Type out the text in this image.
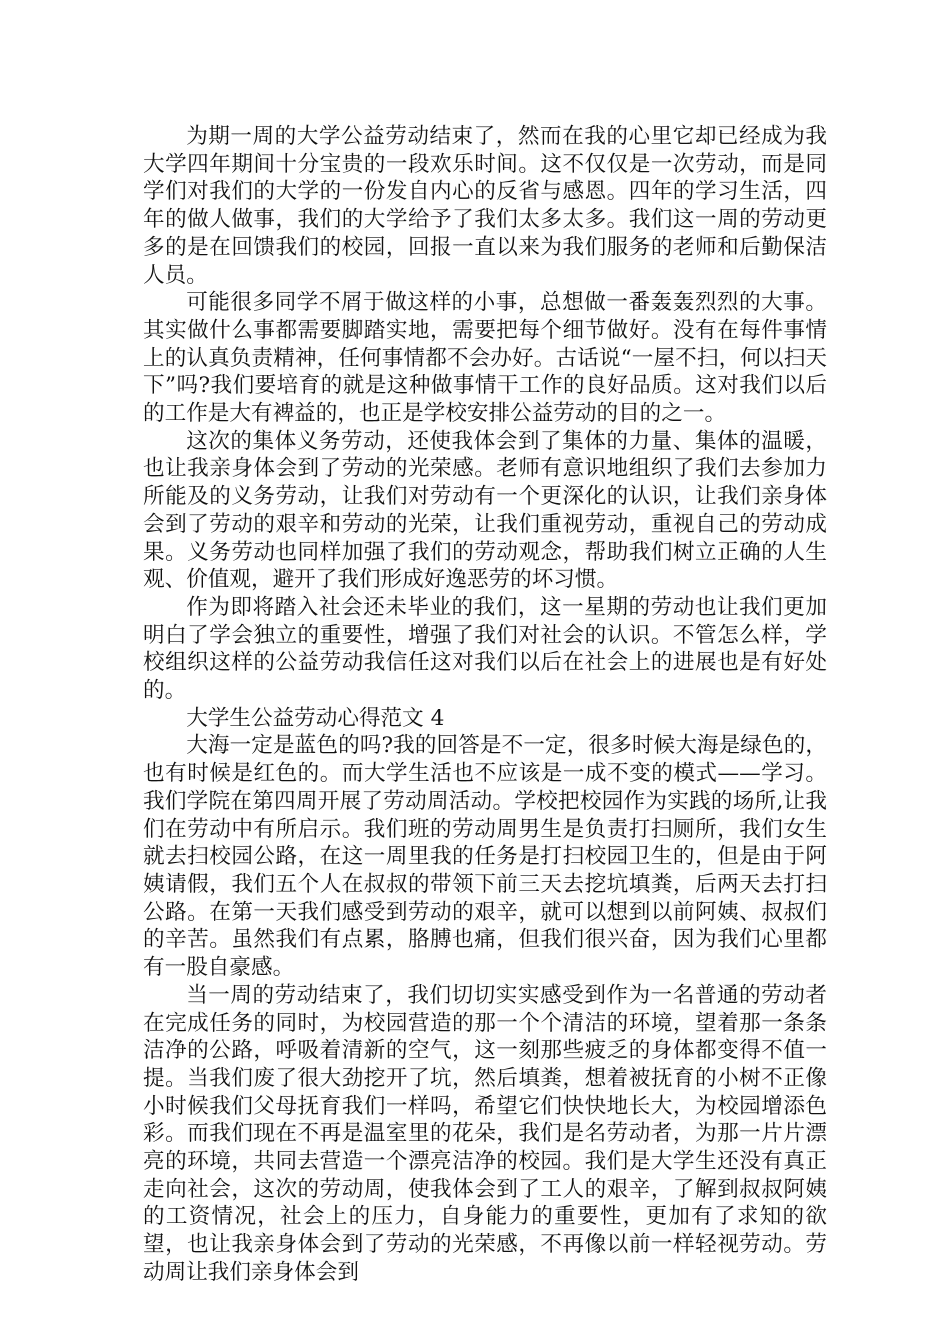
为期一周的大学公益劳动结束了，然而在我的心里它却已经成为我大学四年期间十分宝贵的一段欢乐时间。这不仅仅是一次劳动，而是同学们对我们的大学的一份发自内心的反省与感恩。四年的学习生活，四年的做人做事，我们的大学给予了我们太多太多。我们这一周的劳动更多的是在回馈我们的校园，回报一直以来为我们服务的老师和后勤保洁人员。

可能很多同学不屑于做这样的小事，总想做一番轰轰烈烈的大事。其实做什么事都需要脚踏实地，需要把每个细节做好。没有在每件事情上的认真负责精神，任何事情都不会办好。古话说“一屋不扫，何以扫天下”吗?我们要培育的就是这种做事情干工作的良好品质。这对我们以后的工作是大有裨益的，也正是学校安排公益劳动的目的之一。

这次的集体义务劳动，还使我体会到了集体的力量、集体的温暖，也让我亲身体会到了劳动的光荣感。老师有意识地组织了我们去参加力所能及的义务劳动，让我们对劳动有一个更深化的认识，让我们亲身体会到了劳动的艰辛和劳动的光荣，让我们重视劳动，重视自己的劳动成果。义务劳动也同样加强了我们的劳动观念，帮助我们树立正确的人生观、价值观，避开了我们形成好逸恶劳的坏习惯。

作为即将踏入社会还未毕业的我们，这一星期的劳动也让我们更加明白了学会独立的重要性，增强了我们对社会的认识。不管怎么样，学校组织这样的公益劳动我信任这对我们以后在社会上的进展也是有好处的。

大学生公益劳动心得范文 4

大海一定是蓝色的吗?我的回答是不一定，很多时候大海是绿色的，也有时候是红色的。而大学生活也不应该是一成不变的模式——学习。我们学院在第四周开展了劳动周活动。学校把校园作为实践的场所,让我们在劳动中有所启示。我们班的劳动周男生是负责打扫厕所，我们女生就去扫校园公路，在这一周里我的任务是打扫校园卫生的，但是由于阿姨请假，我们五个人在叔叔的带领下前三天去挖坑填粪，后两天去打扫公路。在第一天我们感受到劳动的艰辛，就可以想到以前阿姨、叔叔们的辛苦。虽然我们有点累，胳膊也痛，但我们很兴奋，因为我们心里都有一股自豪感。

当一周的劳动结束了，我们切切实实感受到作为一名普通的劳动者在完成任务的同时，为校园营造的那一个个清洁的环境，望着那一条条洁净的公路，呼吸着清新的空气，这一刻那些疲乏的身体都变得不值一提。当我们废了很大劲挖开了坑，然后填粪，想着被抚育的小树不正像小时候我们父母抚育我们一样吗，希望它们快快地长大，为校园增添色彩。而我们现在不再是温室里的花朵，我们是名劳动者，为那一片片漂亮的环境，共同去营造一个漂亮洁净的校园。我们是大学生还没有真正走向社会，这次的劳动周，使我体会到了工人的艰辛，了解到叔叔阿姨的工资情况，社会上的压力，自身能力的重要性，更加有了求知的欲望，也让我亲身体会到了劳动的光荣感，不再像以前一样轻视劳动。劳动周让我们亲身体会到
